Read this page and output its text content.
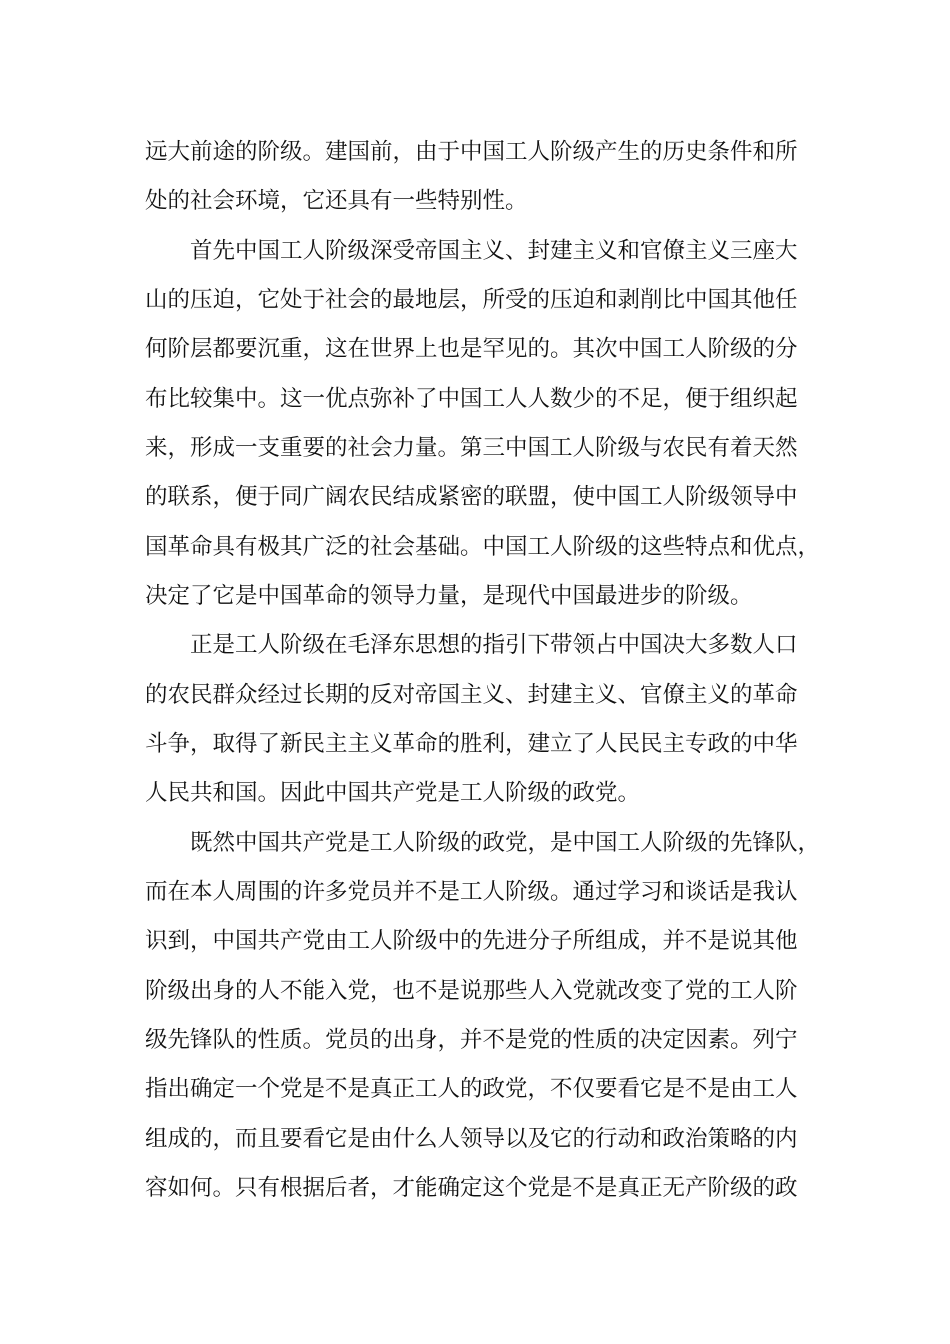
远大前途的阶级。建国前，由于中国工人阶级产生的历史条件和所
处的社会环境，它还具有一些特别性。
首先中国工人阶级深受帝国主义、封建主义和官僚主义三座大
山的压迫，它处于社会的最地层，所受的压迫和剥削比中国其他任
何阶层都要沉重，这在世界上也是罕见的。其次中国工人阶级的分
布比较集中。这一优点弥补了中国工人人数少的不足，便于组织起
来，形成一支重要的社会力量。第三中国工人阶级与农民有着天然
的联系，便于同广阔农民结成紧密的联盟，使中国工人阶级领导中
国革命具有极其广泛的社会基础。中国工人阶级的这些特点和优点，
决定了它是中国革命的领导力量，是现代中国最进步的阶级。
正是工人阶级在毛泽东思想的指引下带领占中国决大多数人口
的农民群众经过长期的反对帝国主义、封建主义、官僚主义的革命
斗争，取得了新民主主义革命的胜利，建立了人民民主专政的中华
人民共和国。因此中国共产党是工人阶级的政党。
既然中国共产党是工人阶级的政党，是中国工人阶级的先锋队，
而在本人周围的许多党员并不是工人阶级。通过学习和谈话是我认
识到，中国共产党由工人阶级中的先进分子所组成，并不是说其他
阶级出身的人不能入党，也不是说那些人入党就改变了党的工人阶
级先锋队的性质。党员的出身，并不是党的性质的决定因素。列宁
指出确定一个党是不是真正工人的政党，不仅要看它是不是由工人
组成的，而且要看它是由什么人领导以及它的行动和政治策略的内
容如何。只有根据后者，才能确定这个党是不是真正无产阶级的政
